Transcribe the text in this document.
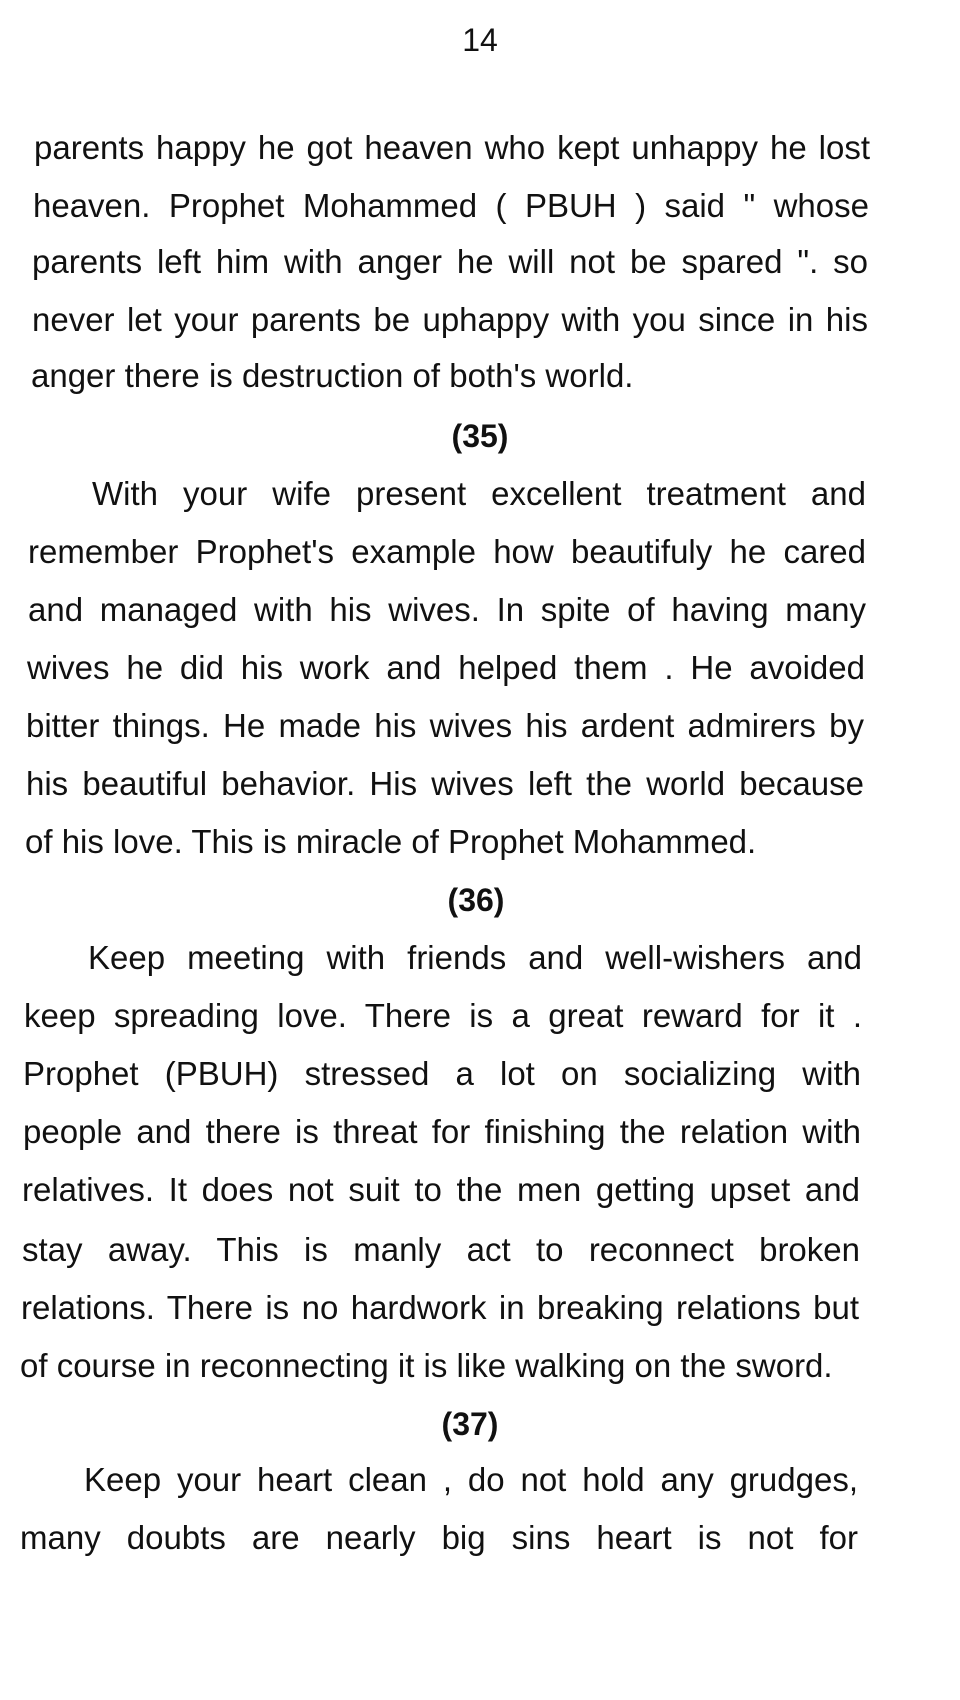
14
parents happy he got heaven who kept unhappy he lost
heaven. Prophet Mohammed ( PBUH ) said " whose
parents left him with anger he will not be spared ". so
never let your parents be uphappy with you since in his
anger there is destruction of both's world.
(35)
With your wife present excellent treatment and
remember Prophet's example how beautifuly he cared
and managed with his wives. In spite of having many
wives he did his work and helped them . He avoided
bitter things. He made his wives his ardent admirers by
his beautiful behavior. His wives left the world because
of his love. This is miracle of Prophet Mohammed.
(36)
Keep meeting with friends and well-wishers and
keep spreading love. There is a great reward for it .
Prophet (PBUH) stressed a lot on socializing with
people and there is threat for finishing the relation with
relatives. It does not suit to the men getting upset and
stay away. This is manly act to reconnect broken
relations. There is no hardwork in breaking relations but
of course in reconnecting it is like walking on the sword.
(37)
Keep your heart clean , do not hold any grudges,
many doubts are nearly big sins heart is not for
